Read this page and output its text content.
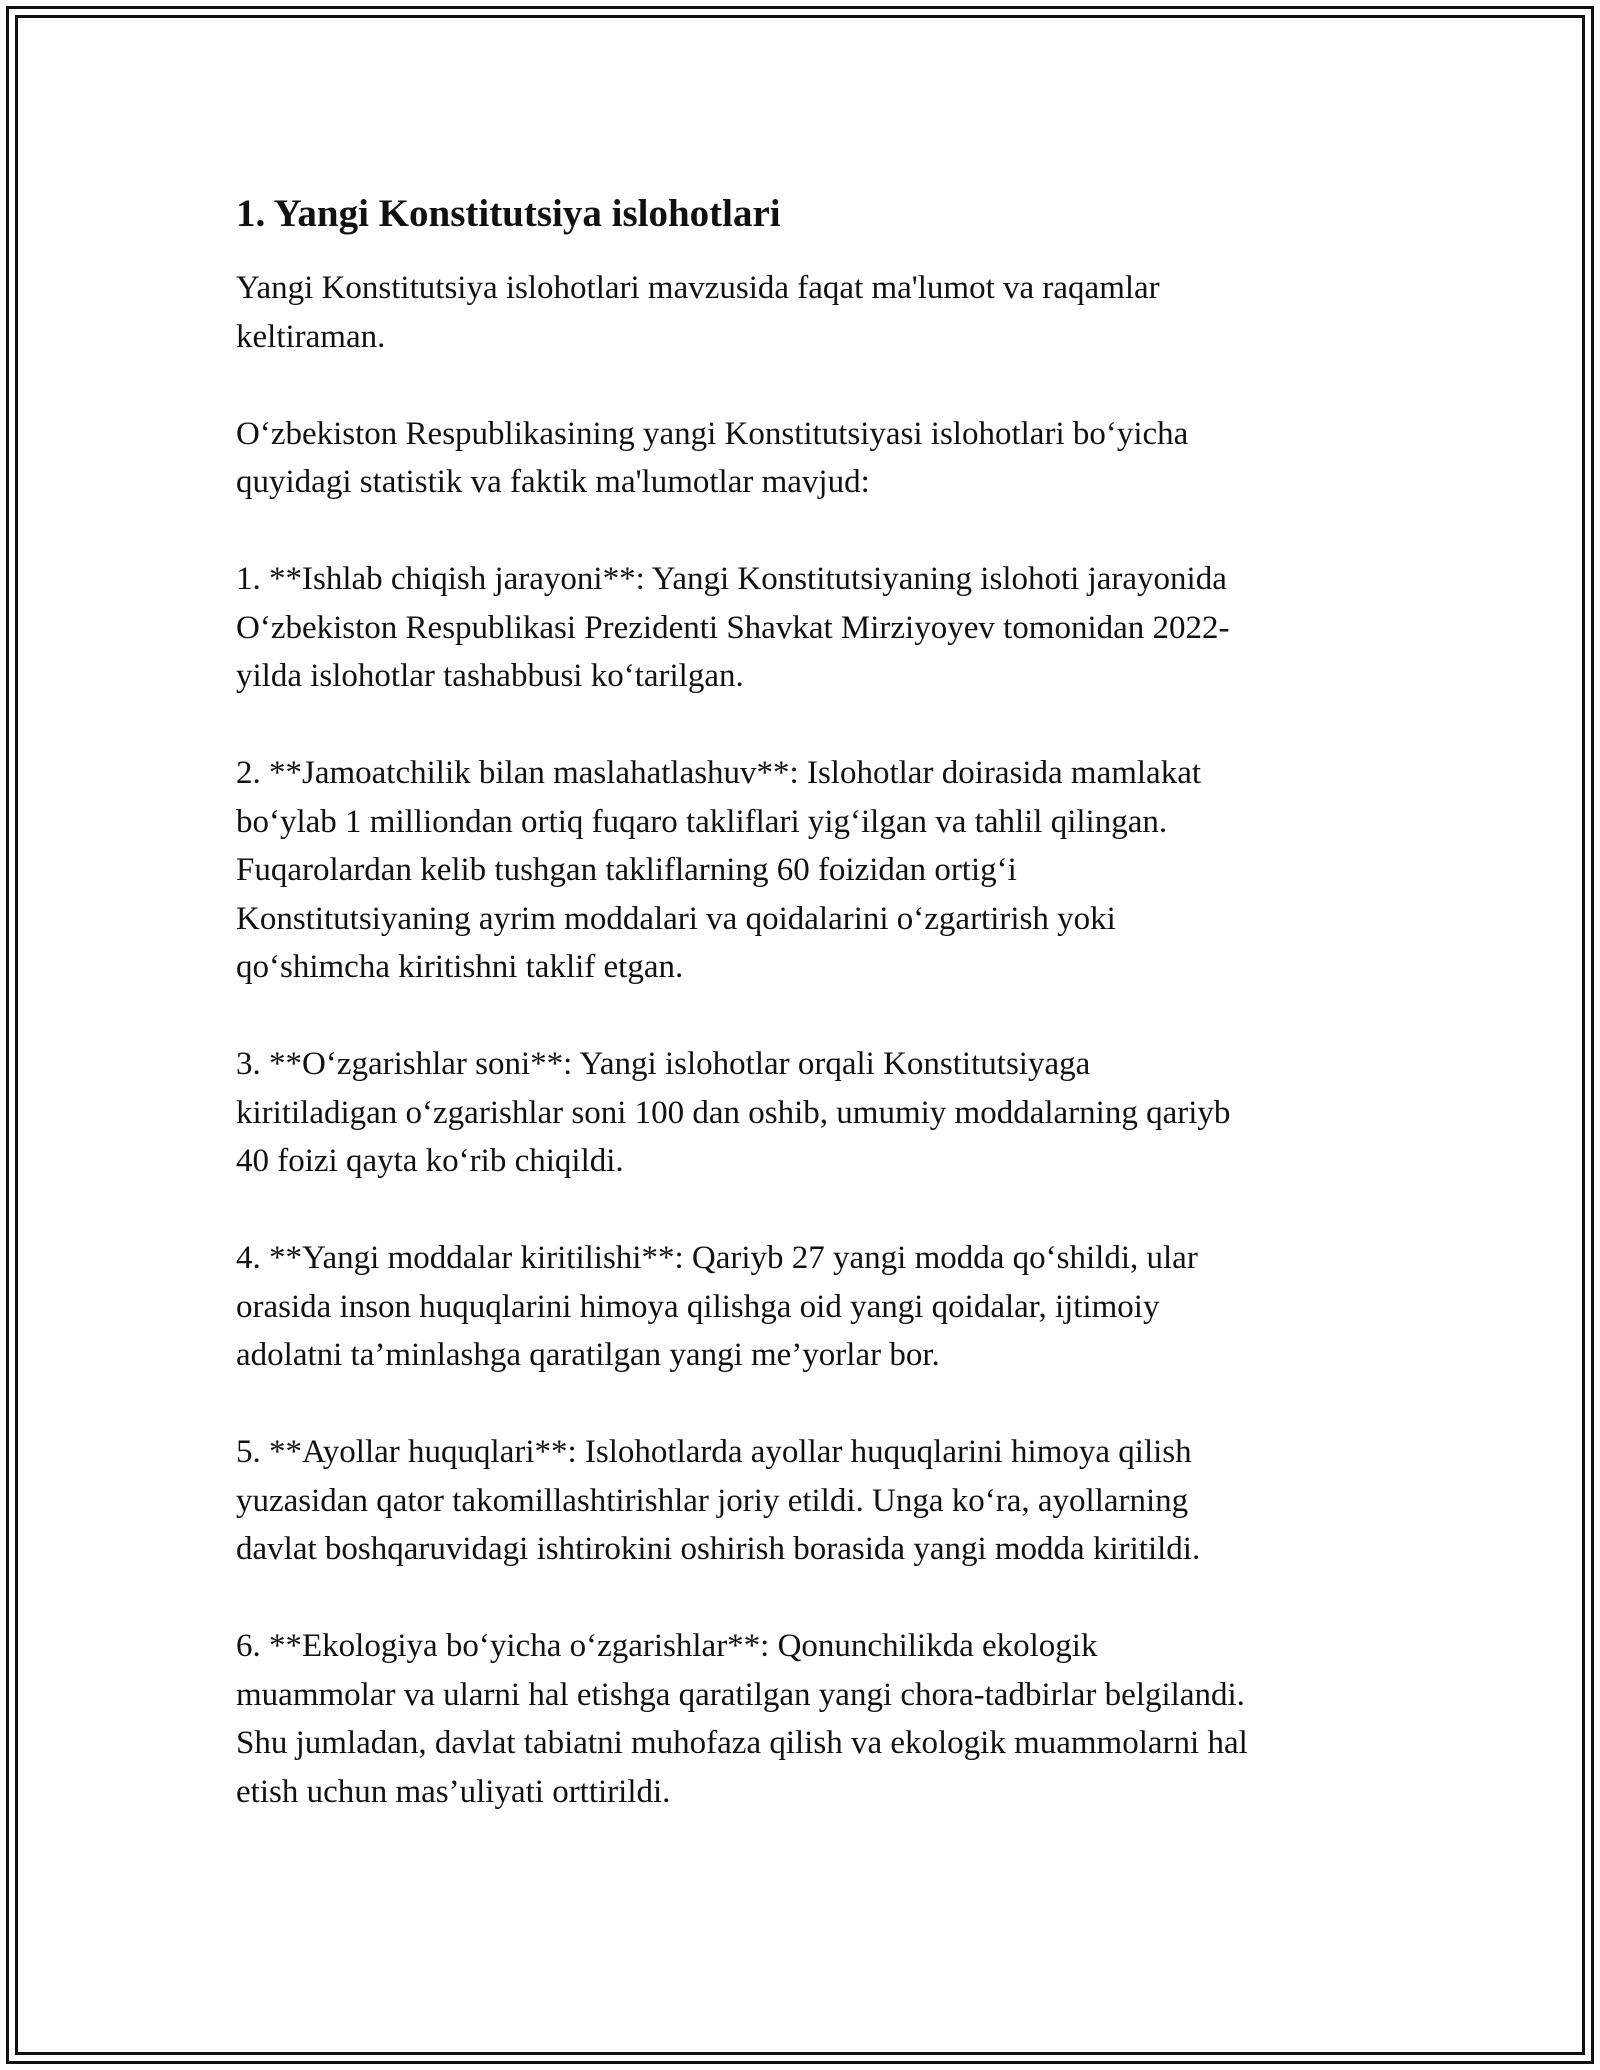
1. Yangi Konstitutsiya islohotlari

Yangi Konstitutsiya islohotlari mavzusida faqat ma'lumot va raqamlar
keltiraman.

O‘zbekiston Respublikasining yangi Konstitutsiyasi islohotlari bo‘yicha
quyidagi statistik va faktik ma'lumotlar mavjud:

1. **Ishlab chiqish jarayoni**: Yangi Konstitutsiyaning islohoti jarayonida
O‘zbekiston Respublikasi Prezidenti Shavkat Mirziyoyev tomonidan 2022-
yilda islohotlar tashabbusi ko‘tarilgan.

2. **Jamoatchilik bilan maslahatlashuv**: Islohotlar doirasida mamlakat
bo‘ylab 1 milliondan ortiq fuqaro takliflari yig‘ilgan va tahlil qilingan.
Fuqarolardan kelib tushgan takliflarning 60 foizidan ortig‘i
Konstitutsiyaning ayrim moddalari va qoidalarini o‘zgartirish yoki
qo‘shimcha kiritishni taklif etgan.

3. **O‘zgarishlar soni**: Yangi islohotlar orqali Konstitutsiyaga
kiritiladigan o‘zgarishlar soni 100 dan oshib, umumiy moddalarning qariyb
40 foizi qayta ko‘rib chiqildi.

4. **Yangi moddalar kiritilishi**: Qariyb 27 yangi modda qo‘shildi, ular
orasida inson huquqlarini himoya qilishga oid yangi qoidalar, ijtimoiy
adolatni ta’minlashga qaratilgan yangi me’yorlar bor.

5. **Ayollar huquqlari**: Islohotlarda ayollar huquqlarini himoya qilish
yuzasidan qator takomillashtirishlar joriy etildi. Unga ko‘ra, ayollarning
davlat boshqaruvidagi ishtirokini oshirish borasida yangi modda kiritildi.

6. **Ekologiya bo‘yicha o‘zgarishlar**: Qonunchilikda ekologik
muammolar va ularni hal etishga qaratilgan yangi chora-tadbirlar belgilandi.
Shu jumladan, davlat tabiatni muhofaza qilish va ekologik muammolarni hal
etish uchun mas’uliyati orttirildi.
